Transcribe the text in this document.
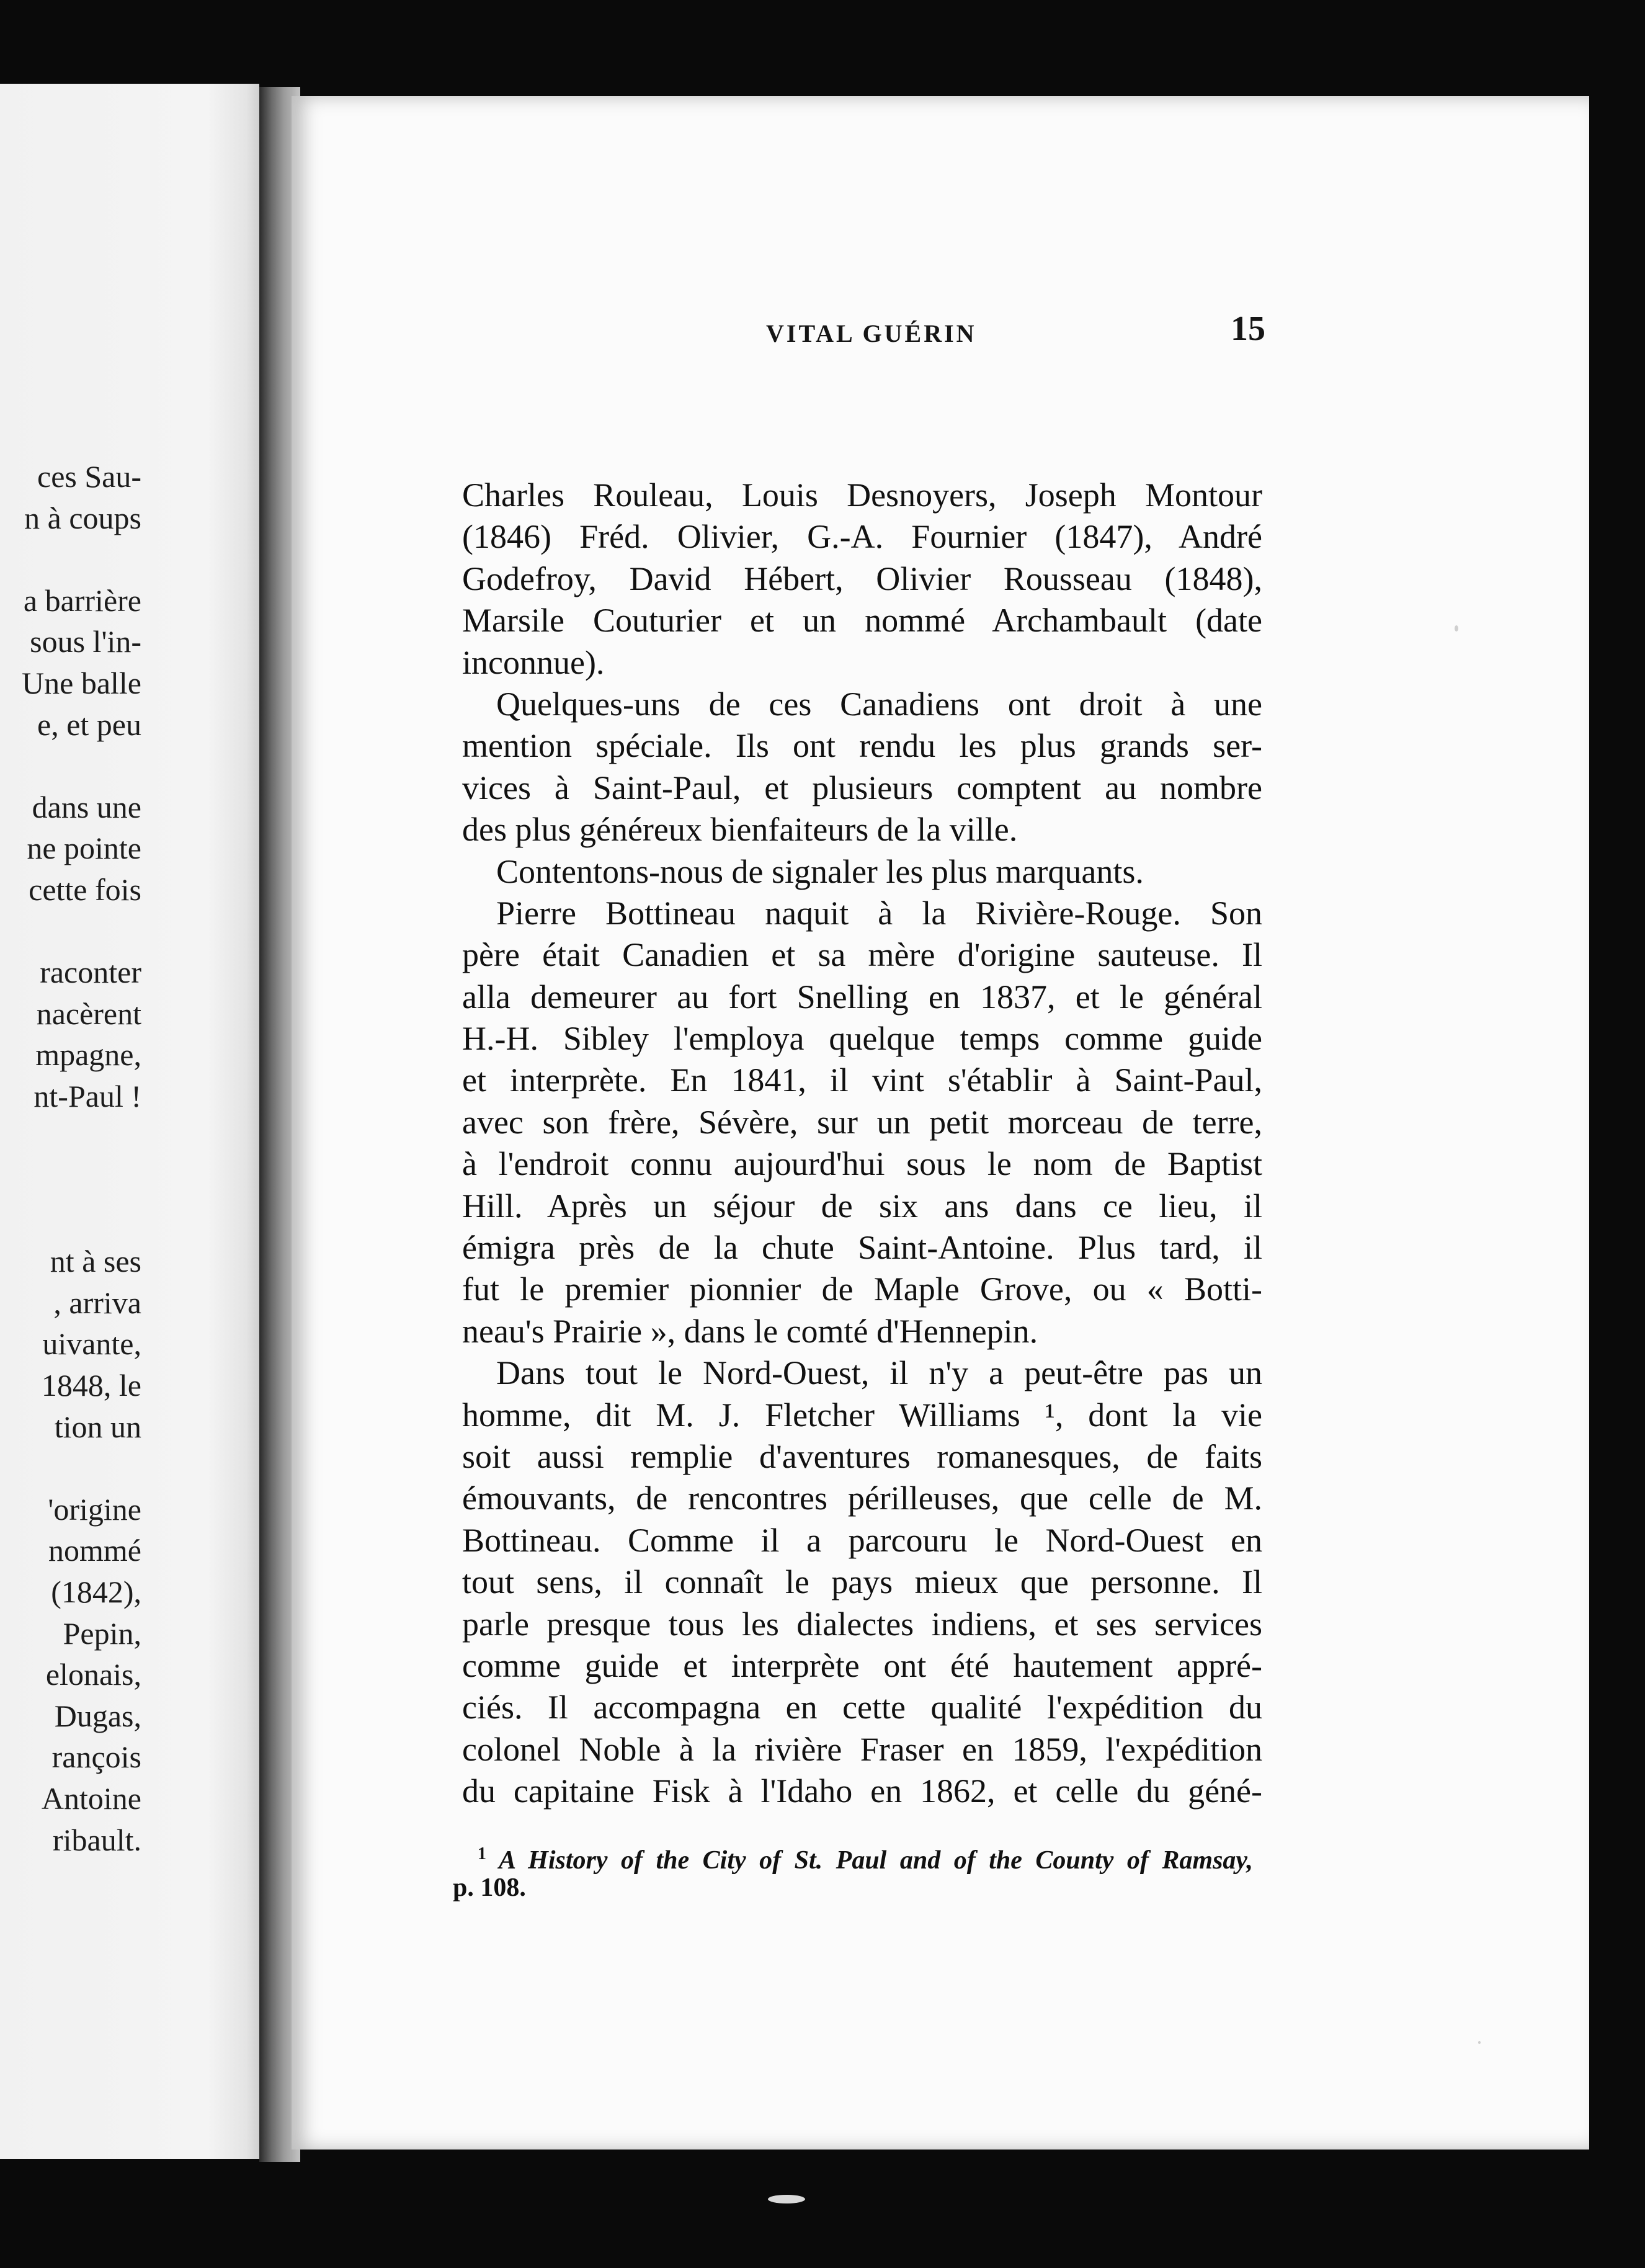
ces Sau-
n à coups
a barrière
sous l'in-
Une balle
e, et peu
dans une
ne pointe
cette fois
raconter
nacèrent
mpagne,
nt-Paul !
nt à ses
, arriva
uivante,
1848, le
tion un
'origine
nommé
(1842),
Pepin,
elonais,
Dugas,
rançois
Antoine
ribault.
VITAL GUÉRIN	15
Charles Rouleau, Louis Desnoyers, Joseph Montour
(1846) Fréd. Olivier, G.-A. Fournier (1847), André
Godefroy, David Hébert, Olivier Rousseau (1848),
Marsile Couturier et un nommé Archambault (date
inconnue).
Quelques-uns de ces Canadiens ont droit à une
mention spéciale. Ils ont rendu les plus grands ser-
vices à Saint-Paul, et plusieurs comptent au nombre
des plus généreux bienfaiteurs de la ville.
Contentons-nous de signaler les plus marquants.
Pierre Bottineau naquit à la Rivière-Rouge. Son
père était Canadien et sa mère d'origine sauteuse. Il
alla demeurer au fort Snelling en 1837, et le général
H.-H. Sibley l'employa quelque temps comme guide
et interprète. En 1841, il vint s'établir à Saint-Paul,
avec son frère, Sévère, sur un petit morceau de terre,
à l'endroit connu aujourd'hui sous le nom de Baptist
Hill. Après un séjour de six ans dans ce lieu, il
émigra près de la chute Saint-Antoine. Plus tard, il
fut le premier pionnier de Maple Grove, ou « Botti-
neau's Prairie », dans le comté d'Hennepin.
Dans tout le Nord-Ouest, il n'y a peut-être pas un
homme, dit M. J. Fletcher Williams ¹, dont la vie
soit aussi remplie d'aventures romanesques, de faits
émouvants, de rencontres périlleuses, que celle de M.
Bottineau. Comme il a parcouru le Nord-Ouest en
tout sens, il connaît le pays mieux que personne. Il
parle presque tous les dialectes indiens, et ses services
comme guide et interprète ont été hautement appré-
ciés. Il accompagna en cette qualité l'expédition du
colonel Noble à la rivière Fraser en 1859, l'expédition
du capitaine Fisk à l'Idaho en 1862, et celle du géné-
$^1$ A History of the City of St. Paul and of the County of Ramsay,
p. 108.
